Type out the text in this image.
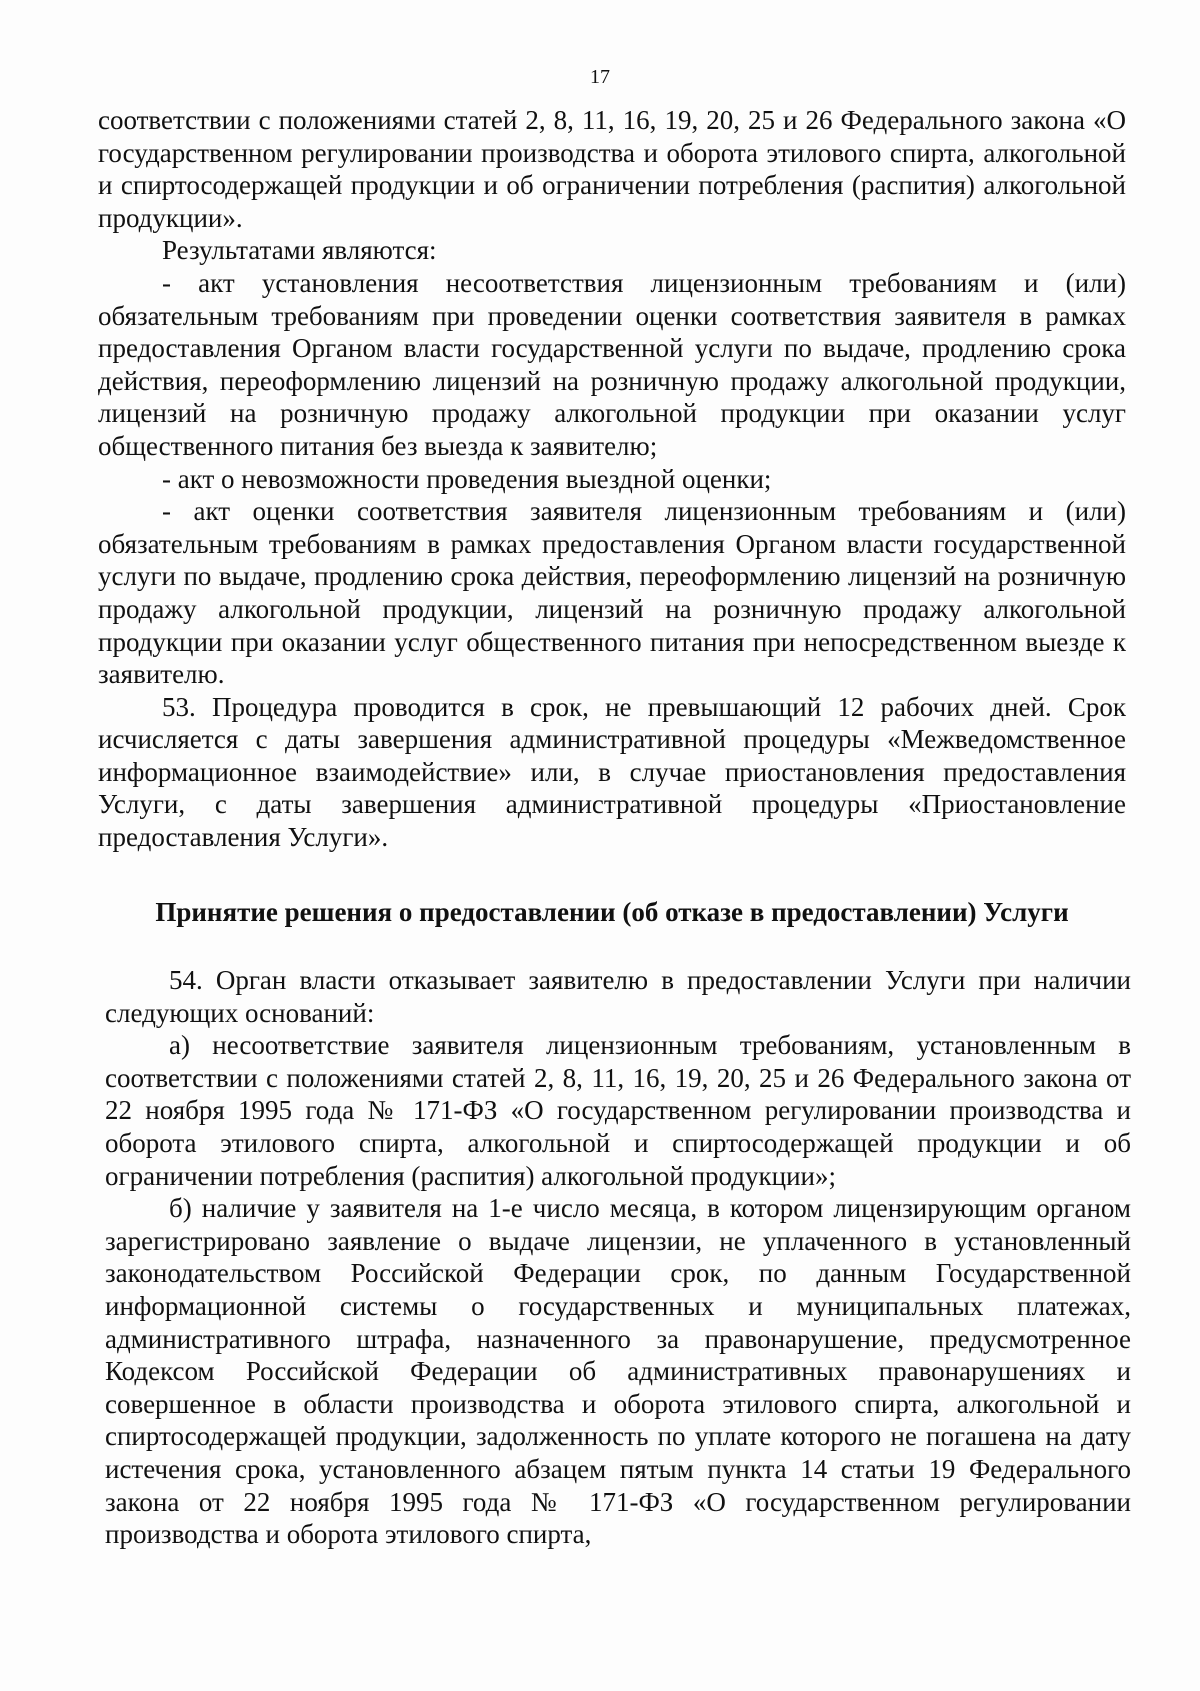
17

соответствии с положениями статей 2, 8, 11, 16, 19, 20, 25 и 26 Федерального закона «О государственном регулировании производства и оборота этилового спирта, алкогольной и спиртосодержащей продукции и об ограничении потребления (распития) алкогольной продукции».

Результатами являются:

- акт установления несоответствия лицензионным требованиям и (или) обязательным требованиям при проведении оценки соответствия заявителя в рамках предоставления Органом власти государственной услуги по выдаче, продлению срока действия, переоформлению лицензий на розничную продажу алкогольной продукции, лицензий на розничную продажу алкогольной продукции при оказании услуг общественного питания без выезда к заявителю;

- акт о невозможности проведения выездной оценки;

- акт оценки соответствия заявителя лицензионным требованиям и (или) обязательным требованиям в рамках предоставления Органом власти государственной услуги по выдаче, продлению срока действия, переоформлению лицензий на розничную продажу алкогольной продукции, лицензий на розничную продажу алкогольной продукции при оказании услуг общественного питания при непосредственном выезде к заявителю.

53. Процедура проводится в срок, не превышающий 12 рабочих дней. Срок исчисляется с даты завершения административной процедуры «Межведомственное информационное взаимодействие» или, в случае приостановления предоставления Услуги, с даты завершения административной процедуры «Приостановление предоставления Услуги».

Принятие решения о предоставлении (об отказе в предоставлении) Услуги

54. Орган власти отказывает заявителю в предоставлении Услуги при наличии следующих оснований:

а) несоответствие заявителя лицензионным требованиям, установленным в соответствии с положениями статей 2, 8, 11, 16, 19, 20, 25 и 26 Федерального закона от 22 ноября 1995 года № 171-ФЗ «О государственном регулировании производства и оборота этилового спирта, алкогольной и спиртосодержащей продукции и об ограничении потребления (распития) алкогольной продукции»;

б) наличие у заявителя на 1-е число месяца, в котором лицензирующим органом зарегистрировано заявление о выдаче лицензии, не уплаченного в установленный законодательством Российской Федерации срок, по данным Государственной информационной системы о государственных и муниципальных платежах, административного штрафа, назначенного за правонарушение, предусмотренное Кодексом Российской Федерации об административных правонарушениях и совершенное в области производства и оборота этилового спирта, алкогольной и спиртосодержащей продукции, задолженность по уплате которого не погашена на дату истечения срока, установленного абзацем пятым пункта 14 статьи 19 Федерального закона от 22 ноября 1995 года № 171-ФЗ «О государственном регулировании производства и оборота этилового спирта,
